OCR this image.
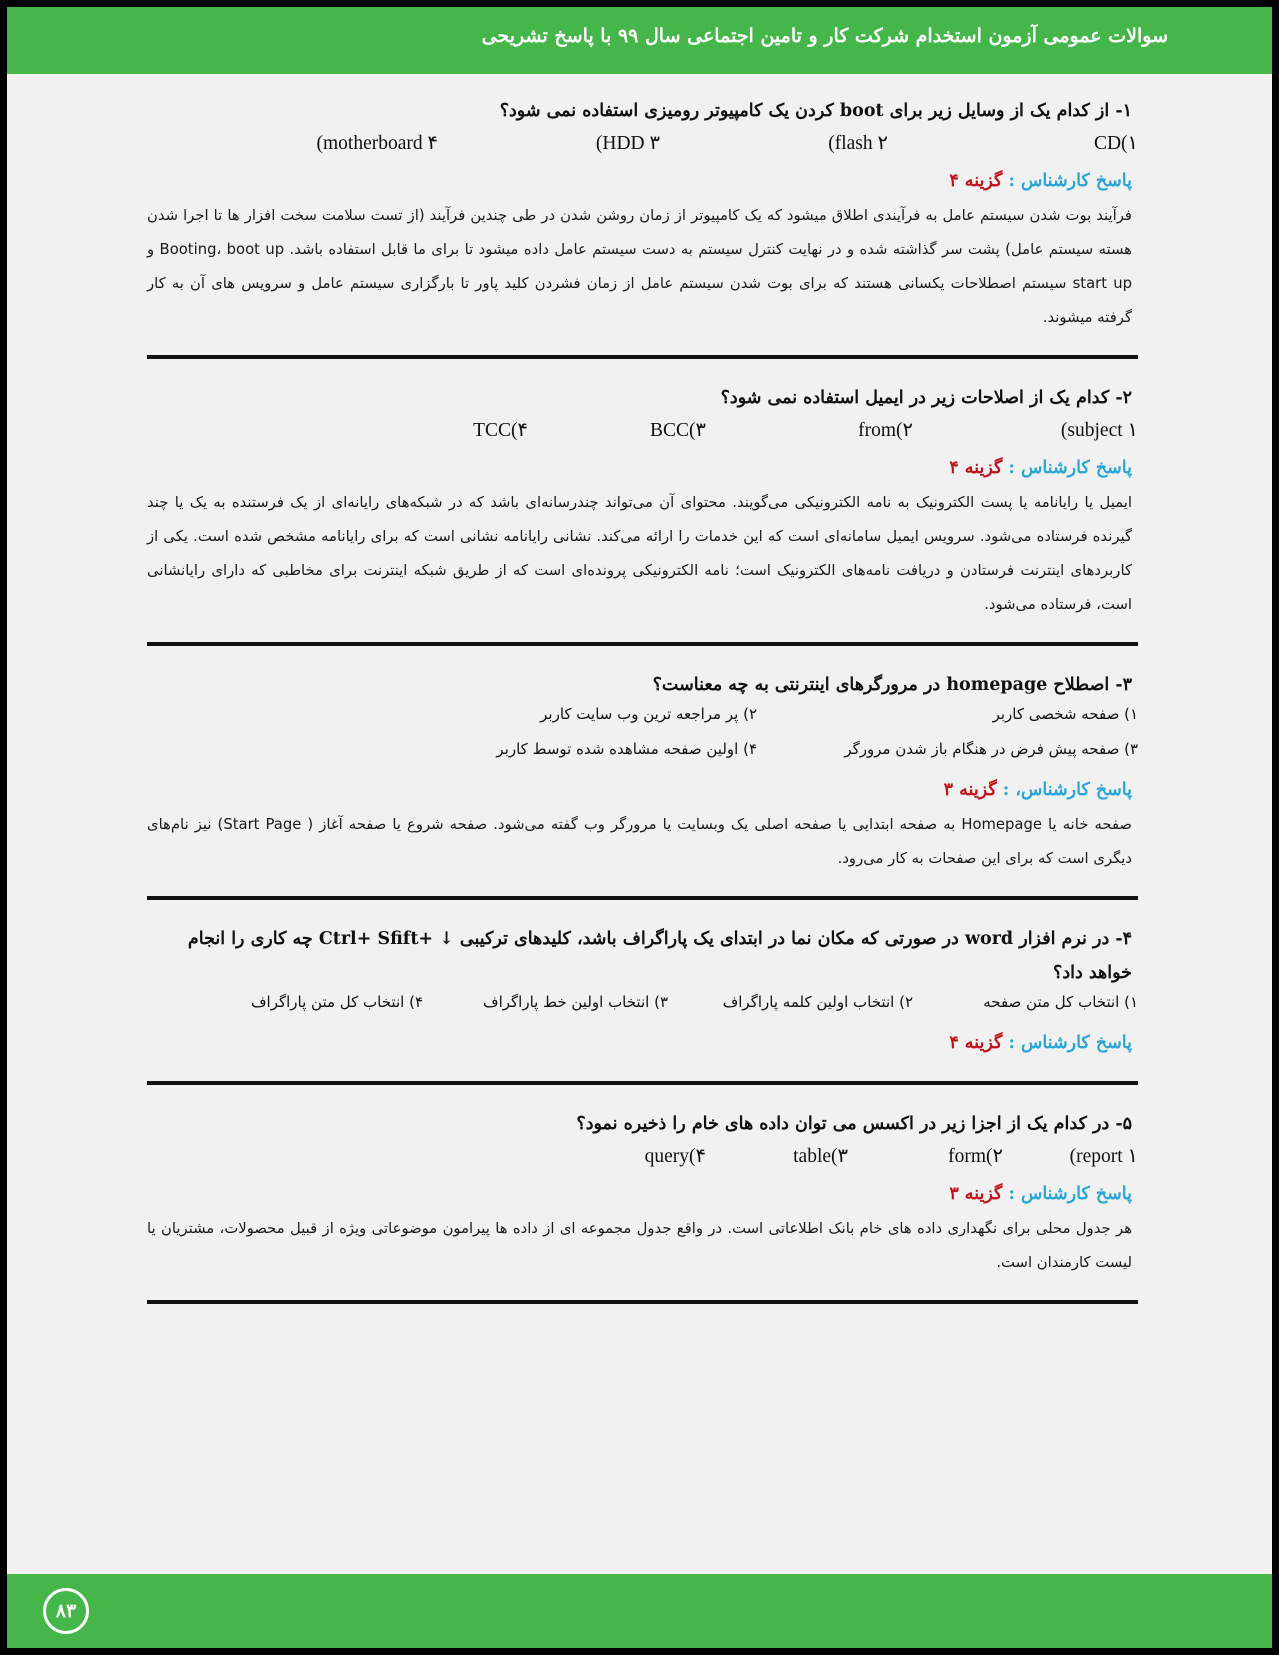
سوالات عمومی آزمون استخدام شرکت کار و تامین اجتماعی سال ۹۹ با پاسخ تشریحی
۱- از کدام یک از وسایل زیر برای boot کردن یک کامپیوتر رومیزی استفاده نمی شود؟
CD(۱
flash ۲)
HDD ۳)
motherboard ۴)
پاسخ کارشناس : گزینه ۴
فرآیند بوت شدن سیستم عامل به فرآیندی اطلاق میشود که یک کامپیوتر از زمان روشن شدن در طی چندین فرآیند (از تست سلامت سخت افزار ها تا اجرا شدن هسته سیستم عامل) پشت سر گذاشته شده و در نهایت کنترل سیستم به دست سیستم عامل داده میشود تا برای ما قابل استفاده باشد. Booting، boot up و start up سیستم اصطلاحات یکسانی هستند که برای بوت شدن سیستم عامل از زمان فشردن کلید پاور تا بارگزاری سیستم عامل و سرویس های آن به کار گرفته میشوند.
۲- کدام یک از اصلاحات زیر در ایمیل استفاده نمی شود؟
subject ۱)
from(۲
BCC(۳
TCC(۴
پاسخ کارشناس : گزینه ۴
ایمیل یا رایانامه یا پست الکترونیک به نامه الکترونیکی می‌گویند. محتوای آن می‌تواند چندرسانه‌ای باشد که در شبکه‌های رایانه‌ای از یک فرستنده به یک یا چند گیرنده فرستاده می‌شود. سرویس ایمیل سامانه‌ای است که این خدمات را ارائه می‌کند. نشانی رایانامه نشانی است که برای رایانامه مشخص شده است. یکی از کاربردهای اینترنت فرستادن و دریافت نامه‌های الکترونیک است؛ نامه الکترونیکی پرونده‌ای است که از طریق شبکه اینترنت برای مخاطبی که دارای رایانشانی است، فرستاده می‌شود.
۳- اصطلاح homepage در مرورگرهای اینترنتی به چه معناست؟
۱) صفحه شخصی کاربر
۲) پر مراجعه ترین وب سایت کاربر
۳) صفحه پیش فرض در هنگام باز شدن مرورگر
۴) اولین صفحه مشاهده شده توسط کاربر
پاسخ کارشناس، : گزینه ۳
صفحه خانه یا Homepage به صفحه ابتدایی یا صفحه اصلی یک وبسایت یا مرورگر وب گفته می‌شود. صفحه شروع یا صفحه آغاز ( Start Page) نیز نام‌های دیگری است که برای این صفحات به کار می‌رود.
۴- در نرم افزار word در صورتی که مکان نما در ابتدای یک پاراگراف باشد، کلیدهای ترکیبی ↓ +Ctrl+ Sfift چه کاری را انجام خواهد داد؟
۱) انتخاب کل متن صفحه
۲) انتخاب اولین کلمه پاراگراف
۳) انتخاب اولین خط پاراگراف
۴) انتخاب کل متن پاراگراف
پاسخ کارشناس : گزینه ۴
۵- در کدام یک از اجزا زیر در اکسس می توان داده های خام را ذخیره نمود؟
report ۱)
form(۲
table(۳
query(۴
پاسخ کارشناس : گزینه ۳
هر جدول محلی برای نگهداری داده های خام بانک اطلاعاتی است. در واقع جدول مجموعه ای از داده ها پیرامون موضوعاتی ویژه از قبیل محصولات، مشتریان یا لیست کارمندان است.
۸۳
